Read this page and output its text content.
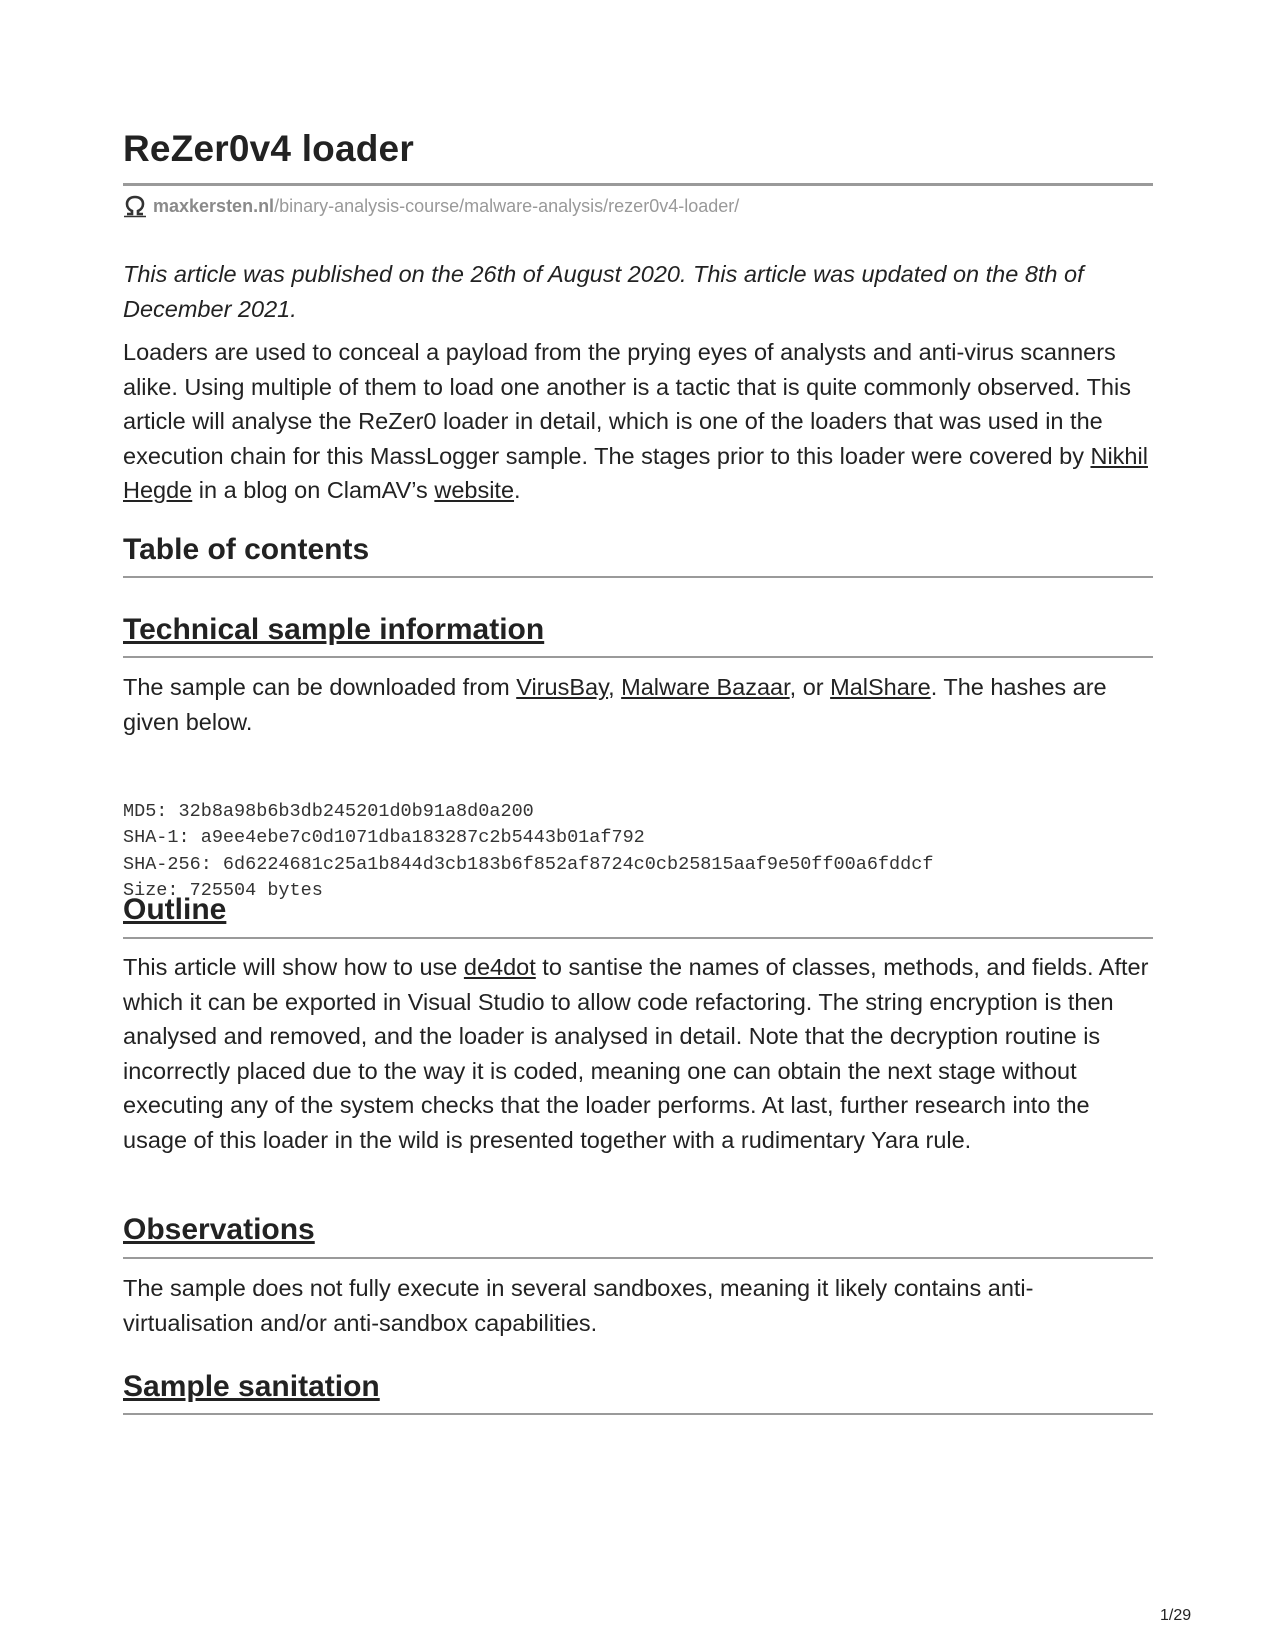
ReZer0v4 loader
maxkersten.nl /binary-analysis-course/malware-analysis/rezer0v4-loader/

This article was published on the 26th of August 2020. This article was updated on the 8th of December 2021.

Loaders are used to conceal a payload from the prying eyes of analysts and anti-virus scanners alike. Using multiple of them to load one another is a tactic that is quite commonly observed. This article will analyse the ReZer0 loader in detail, which is one of the loaders that was used in the execution chain for this MassLogger sample. The stages prior to this loader were covered by Nikhil Hegde in a blog on ClamAV’s website.

Table of contents
Technical sample information

The sample can be downloaded from VirusBay, Malware Bazaar, or MalShare. The hashes are given below.

MD5: 32b8a98b6b3db245201d0b91a8d0a200
SHA-1: a9ee4ebe7c0d1071dba183287c2b5443b01af792
SHA-256: 6d6224681c25a1b844d3cb183b6f852af8724c0cb25815aaf9e50ff00a6fddcf
Size: 725504 bytes
Outline

This article will show how to use de4dot to santise the names of classes, methods, and fields. After which it can be exported in Visual Studio to allow code refactoring. The string encryption is then analysed and removed, and the loader is analysed in detail. Note that the decryption routine is incorrectly placed due to the way it is coded, meaning one can obtain the next stage without executing any of the system checks that the loader performs. At last, further research into the usage of this loader in the wild is presented together with a rudimentary Yara rule.

Observations

The sample does not fully execute in several sandboxes, meaning it likely contains anti-virtualisation and/or anti-sandbox capabilities.

Sample sanitation
1/29
